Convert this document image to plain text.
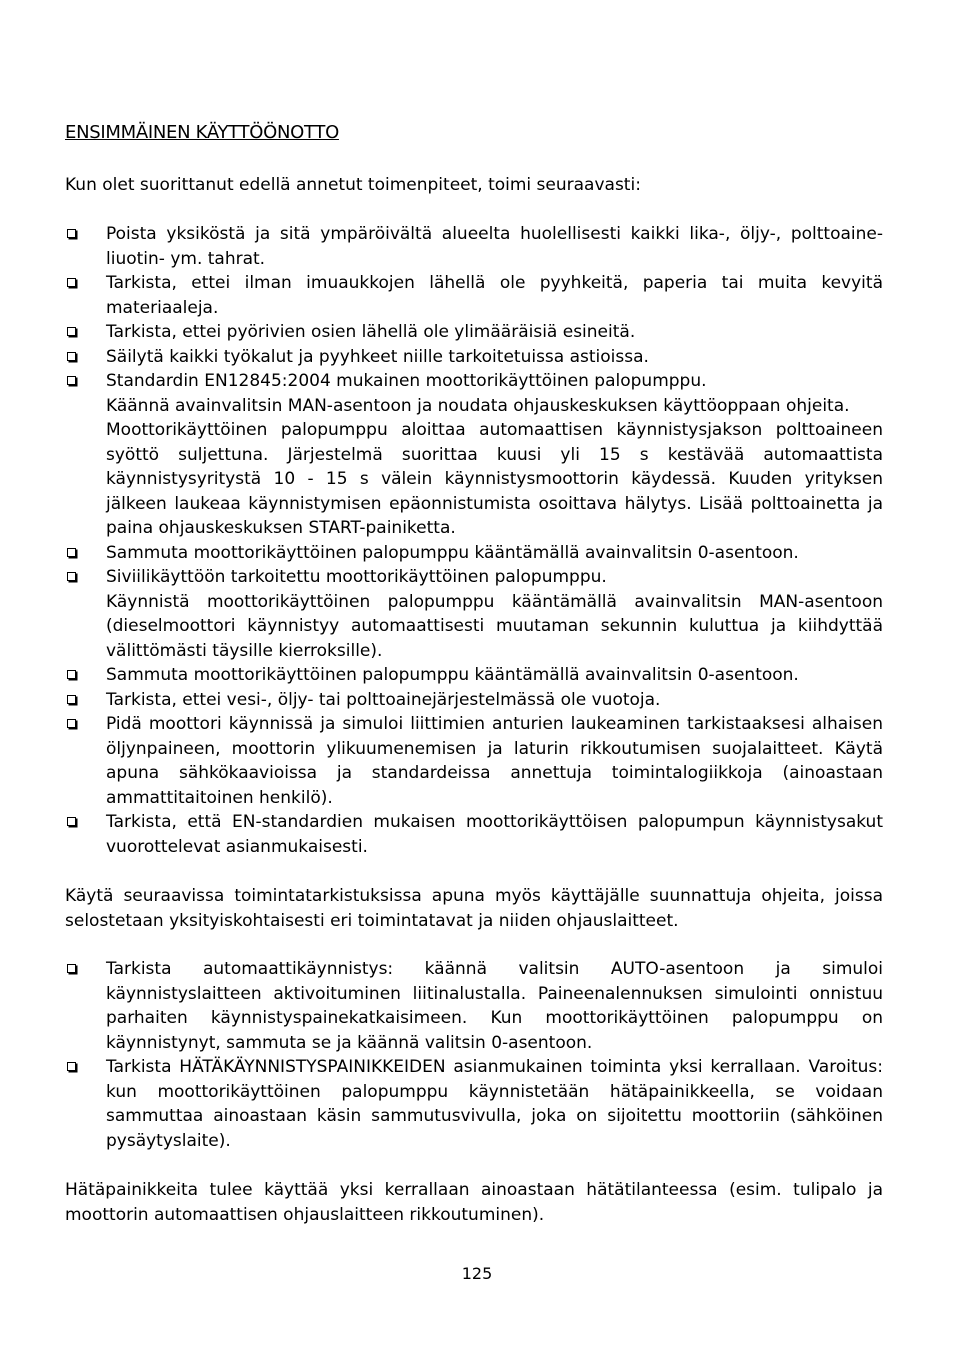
ENSIMMÄINEN KÄYTTÖÖNOTTO

Kun olet suorittanut edellä annetut toimenpiteet, toimi seuraavasti:

Poista yksiköstä ja sitä ympäröivältä alueelta huolellisesti kaikki lika-, öljy-, polttoaine-liuotin- ym. tahrat.

Tarkista, ettei ilman imuaukkojen lähellä ole pyyhkeitä, paperia tai muita kevyitä materiaaleja.

Tarkista, ettei pyörivien osien lähellä ole ylimääräisiä esineitä.

Säilytä kaikki työkalut ja pyyhkeet niille tarkoitetuissa astioissa.

Standardin EN12845:2004 mukainen moottorikäyttöinen palopumppu.

Käännä avainvalitsin MAN-asentoon ja noudata ohjauskeskuksen käyttöoppaan ohjeita.

Moottorikäyttöinen palopumppu aloittaa automaattisen käynnistysjakson polttoaineen syöttö suljettuna. Järjestelmä suorittaa kuusi yli 15 s kestävää automaattista käynnistysyritystä 10 - 15 s välein käynnistysmoottorin käydessä. Kuuden yrityksen jälkeen laukeaa käynnistymisen epäonnistumista osoittava hälytys. Lisää polttoainetta ja paina ohjauskeskuksen START-painiketta.

Sammuta moottorikäyttöinen palopumppu kääntämällä avainvalitsin 0-asentoon.

Siviilikäyttöön tarkoitettu moottorikäyttöinen palopumppu.

Käynnistä moottorikäyttöinen palopumppu kääntämällä avainvalitsin MAN-asentoon (dieselmoottori käynnistyy automaattisesti muutaman sekunnin kuluttua ja kiihdyttää välittömästi täysille kierroksille).

Sammuta moottorikäyttöinen palopumppu kääntämällä avainvalitsin 0-asentoon.

Tarkista, ettei vesi-, öljy- tai polttoainejärjestelmässä ole vuotoja.

Pidä moottori käynnissä ja simuloi liittimien anturien laukeaminen tarkistaaksesi alhaisen öljynpaineen, moottorin ylikuumenemisen ja laturin rikkoutumisen suojalaitteet. Käytä apuna sähkökaavioissa ja standardeissa annettuja toimintalogiikkoja (ainoastaan ammattitaitoinen henkilö).

Tarkista, että EN-standardien mukaisen moottorikäyttöisen palopumpun käynnistysakut vuorottelevat asianmukaisesti.

Käytä seuraavissa toimintatarkistuksissa apuna myös käyttäjälle suunnattuja ohjeita, joissa selostetaan yksityiskohtaisesti eri toimintatavat ja niiden ohjauslaitteet.

Tarkista automaattikäynnistys: käännä valitsin AUTO-asentoon ja simuloi käynnistyslaitteen aktivoituminen liitinalustalla. Paineenalennuksen simulointi onnistuu parhaiten käynnistyspainekatkaisimeen. Kun moottorikäyttöinen palopumppu on käynnistynyt, sammuta se ja käännä valitsin 0-asentoon.

Tarkista HÄTÄKÄYNNISTYSPAINIKKEIDEN asianmukainen toiminta yksi kerrallaan. Varoitus: kun moottorikäyttöinen palopumppu käynnistetään hätäpainikkeella, se voidaan sammuttaa ainoastaan käsin sammutusvivulla, joka on sijoitettu moottoriin (sähköinen pysäytyslaite).

Hätäpainikkeita tulee käyttää yksi kerrallaan ainoastaan hätätilanteessa (esim. tulipalo ja moottorin automaattisen ohjauslaitteen rikkoutuminen).

125
